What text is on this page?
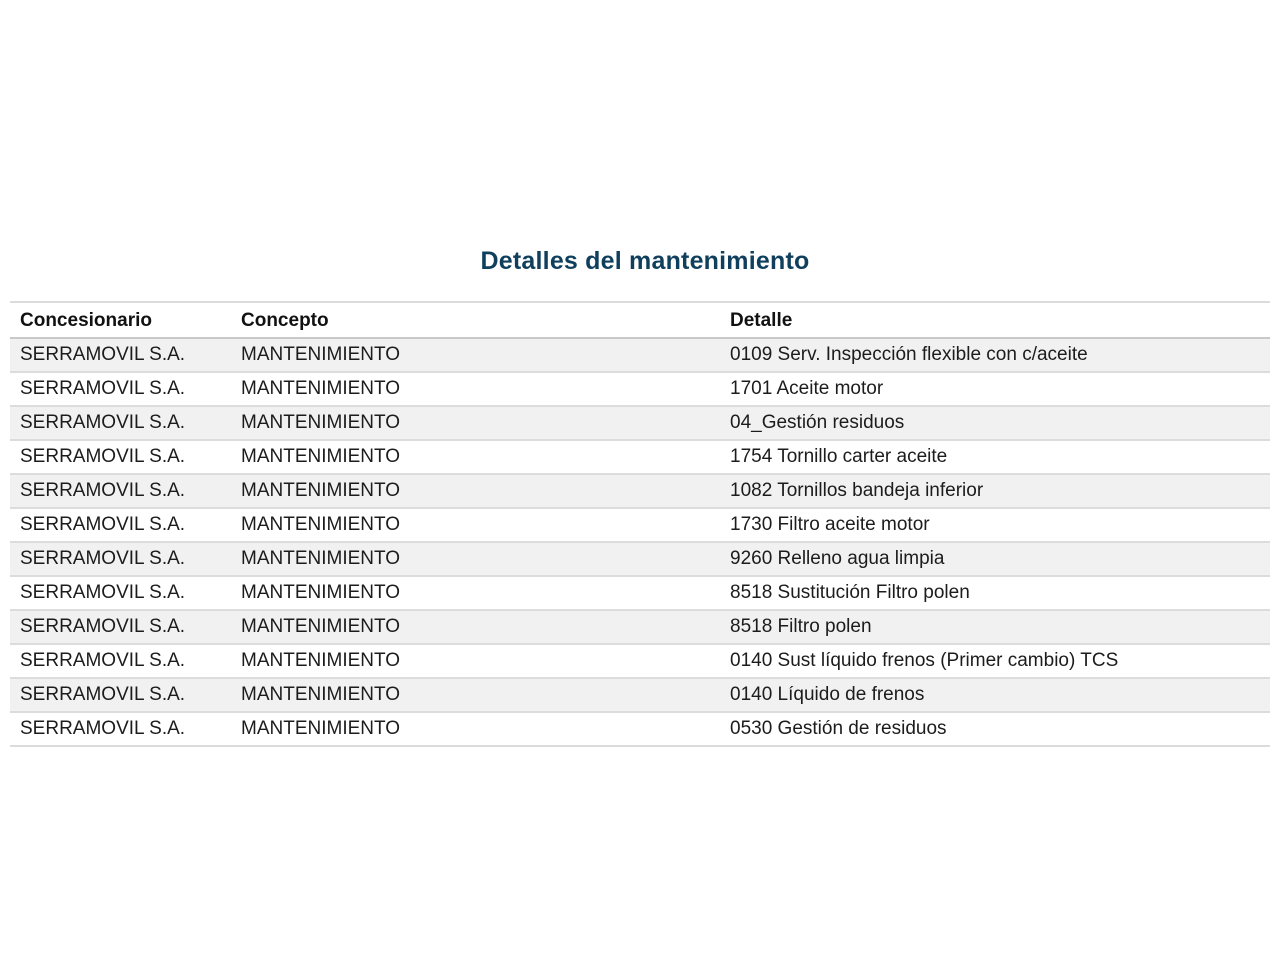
Detalles del mantenimiento
Concesionario	Concepto	Detalle
SERRAMOVIL S.A.	MANTENIMIENTO	0109 Serv. Inspección flexible con c/aceite
SERRAMOVIL S.A.	MANTENIMIENTO	1701 Aceite motor
SERRAMOVIL S.A.	MANTENIMIENTO	04_Gestión residuos
SERRAMOVIL S.A.	MANTENIMIENTO	1754 Tornillo carter aceite
SERRAMOVIL S.A.	MANTENIMIENTO	1082 Tornillos bandeja inferior
SERRAMOVIL S.A.	MANTENIMIENTO	1730 Filtro aceite motor
SERRAMOVIL S.A.	MANTENIMIENTO	9260 Relleno agua limpia
SERRAMOVIL S.A.	MANTENIMIENTO	8518 Sustitución Filtro polen
SERRAMOVIL S.A.	MANTENIMIENTO	8518 Filtro polen
SERRAMOVIL S.A.	MANTENIMIENTO	0140 Sust líquido frenos (Primer cambio) TCS
SERRAMOVIL S.A.	MANTENIMIENTO	0140 Líquido de frenos
SERRAMOVIL S.A.	MANTENIMIENTO	0530 Gestión de residuos
